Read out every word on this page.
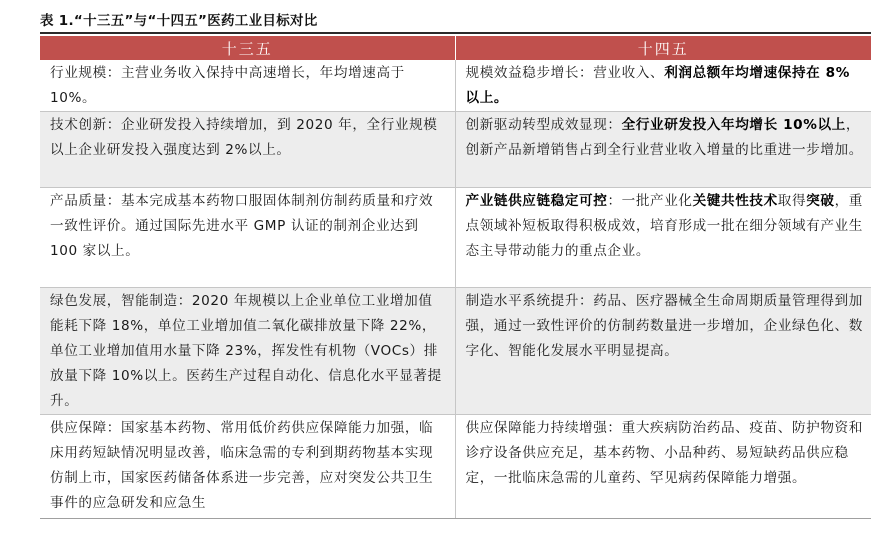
表 1.“十三五”与“十四五”医药工业目标对比
十三五	十四五
行业规模：主营业务收入保持中高速增长，年均增速高于 10%。	规模效益稳步增长：营业收入、利润总额年均增速保持在 8%以上。
技术创新：企业研发投入持续增加，到 2020 年，全行业规模以上企业研发投入强度达到 2%以上。	创新驱动转型成效显现：全行业研发投入年均增长 10%以上，创新产品新增销售占到全行业营业收入增量的比重进一步增加。
产品质量：基本完成基本药物口服固体制剂仿制药质量和疗效一致性评价。通过国际先进水平 GMP 认证的制剂企业达到 100 家以上。	产业链供应链稳定可控：一批产业化关键共性技术取得突破，重点领域补短板取得积极成效，培育形成一批在细分领域有产业生态主导带动能力的重点企业。
绿色发展，智能制造：2020 年规模以上企业单位工业增加值能耗下降 18%，单位工业增加值二氧化碳排放量下降 22%，单位工业增加值用水量下降 23%，挥发性有机物（VOCs）排放量下降 10%以上。医药生产过程自动化、信息化水平显著提升。	制造水平系统提升：药品、医疗器械全生命周期质量管理得到加强，通过一致性评价的仿制药数量进一步增加，企业绿色化、数字化、智能化发展水平明显提高。
供应保障：国家基本药物、常用低价药供应保障能力加强，临床用药短缺情况明显改善，临床急需的专利到期药物基本实现仿制上市，国家医药储备体系进一步完善，应对突发公共卫生事件的应急研发和应急生	供应保障能力持续增强：重大疾病防治药品、疫苗、防护物资和诊疗设备供应充足，基本药物、小品种药、易短缺药品供应稳定，一批临床急需的儿童药、罕见病药保障能力增强。
